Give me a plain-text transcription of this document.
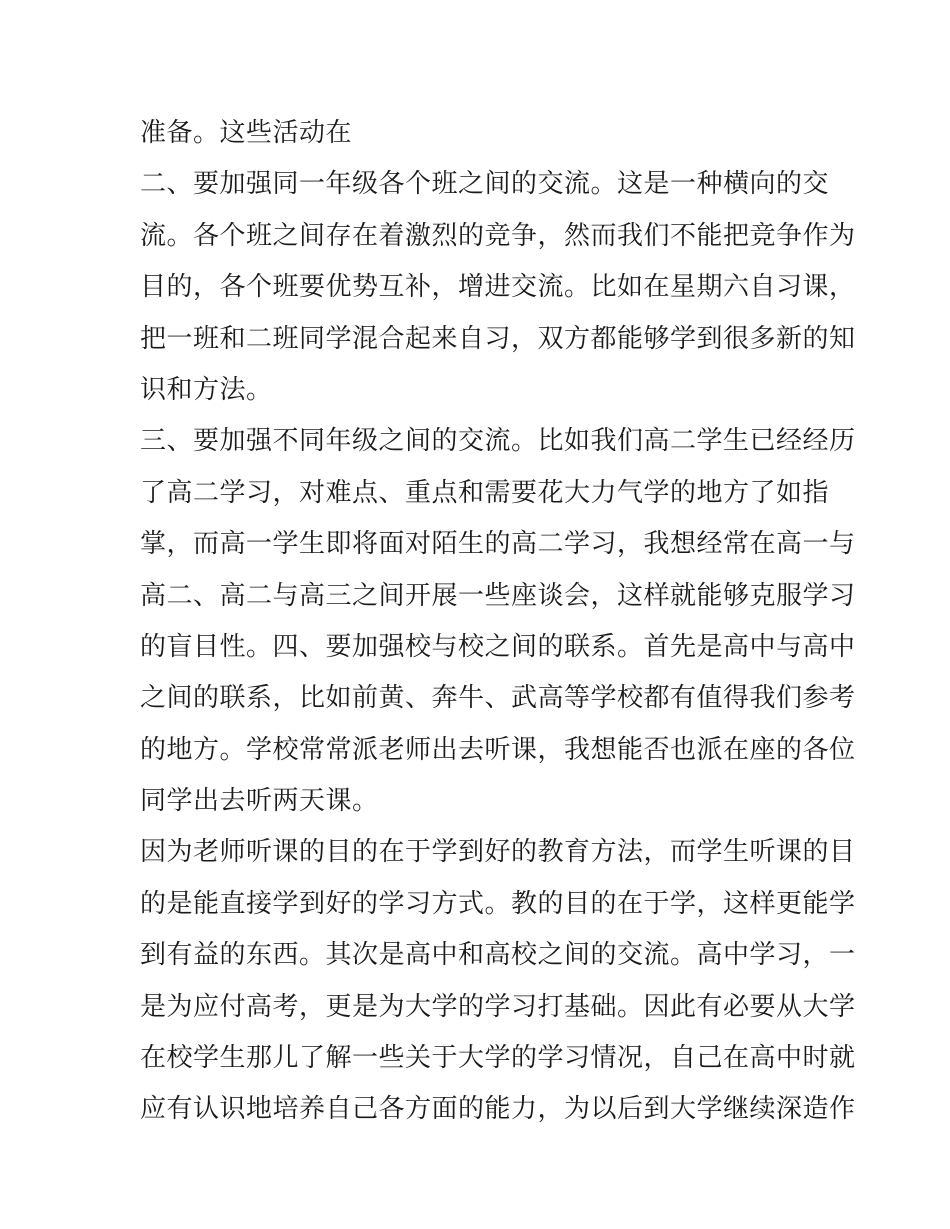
准备。这些活动在
二、要加强同一年级各个班之间的交流。这是一种横向的交
流。各个班之间存在着激烈的竞争，然而我们不能把竞争作为
目的，各个班要优势互补，增进交流。比如在星期六自习课，
把一班和二班同学混合起来自习，双方都能够学到很多新的知
识和方法。
三、要加强不同年级之间的交流。比如我们高二学生已经经历
了高二学习，对难点、重点和需要花大力气学的地方了如指
掌，而高一学生即将面对陌生的高二学习，我想经常在高一与
高二、高二与高三之间开展一些座谈会，这样就能够克服学习
的盲目性。四、要加强校与校之间的联系。首先是高中与高中
之间的联系，比如前黄、奔牛、武高等学校都有值得我们参考
的地方。学校常常派老师出去听课，我想能否也派在座的各位
同学出去听两天课。
因为老师听课的目的在于学到好的教育方法，而学生听课的目
的是能直接学到好的学习方式。教的目的在于学，这样更能学
到有益的东西。其次是高中和高校之间的交流。高中学习，一
是为应付高考，更是为大学的学习打基础。因此有必要从大学
在校学生那儿了解一些关于大学的学习情况，自己在高中时就
应有认识地培养自己各方面的能力，为以后到大学继续深造作
